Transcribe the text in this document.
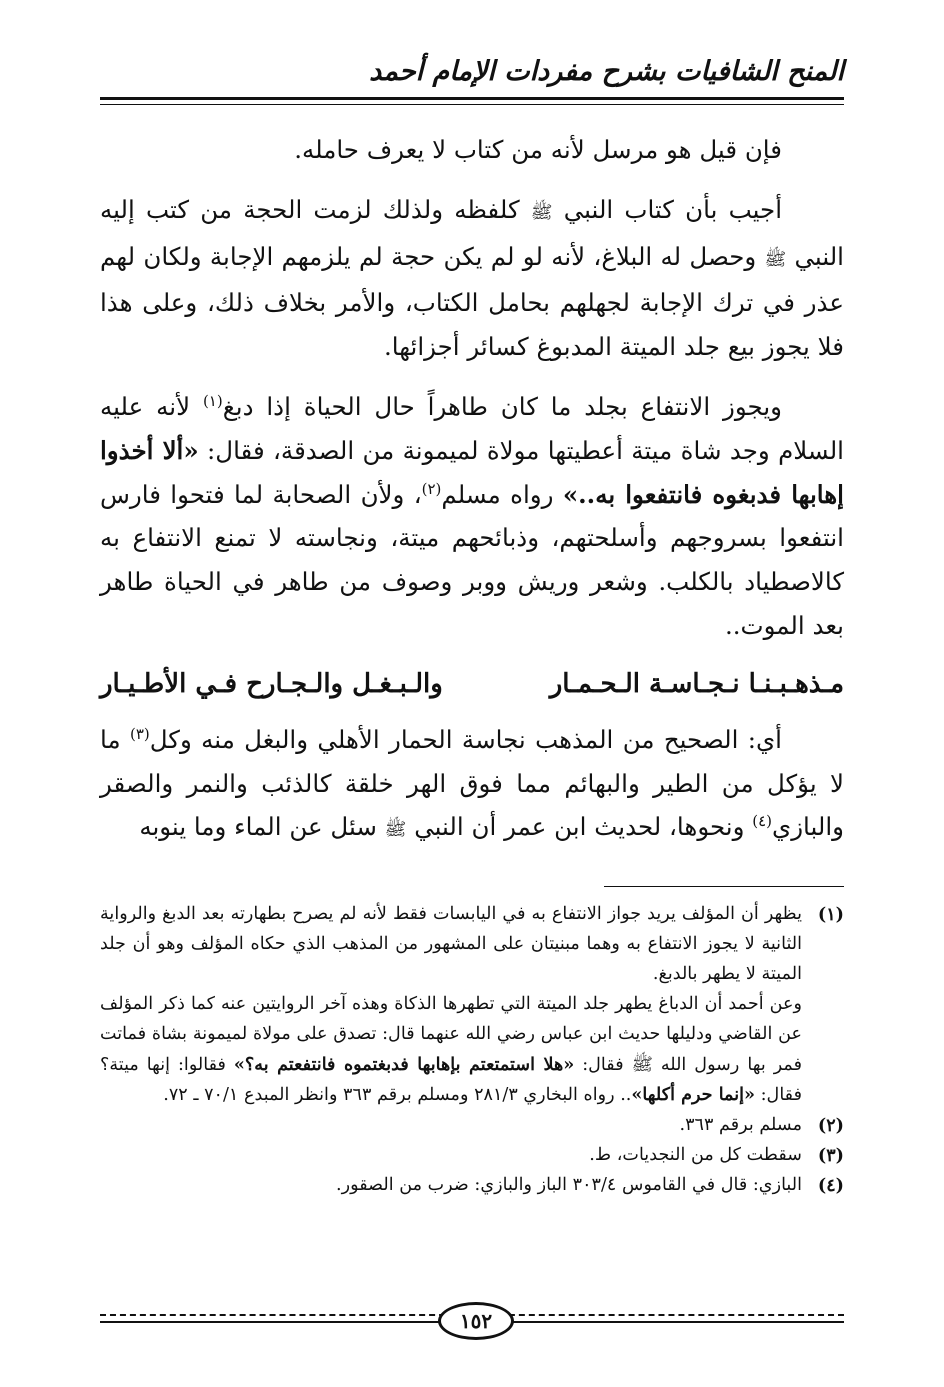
المنح الشافيات بشرح مفردات الإمام أحمد

فإن قيل هو مرسل لأنه من كتاب لا يعرف حامله.

أجيب بأن كتاب النبي ﷺ كلفظه ولذلك لزمت الحجة من كتب إليه النبي ﷺ وحصل له البلاغ، لأنه لو لم يكن حجة لم يلزمهم الإجابة ولكان لهم عذر في ترك الإجابة لجهلهم بحامل الكتاب، والأمر بخلاف ذلك، وعلى هذا فلا يجوز بيع جلد الميتة المدبوغ كسائر أجزائها.

ويجوز الانتفاع بجلد ما كان طاهراً حال الحياة إذا دبغ$^{(١)}$ لأنه عليه السلام وجد شاة ميتة أعطيتها مولاة لميمونة من الصدقة، فقال: «ألا أخذوا إهابها فدبغوه فانتفعوا به..» رواه مسلم$^{(٢)}$، ولأن الصحابة لما فتحوا فارس انتفعوا بسروجهم وأسلحتهم، وذبائحهم ميتة، ونجاسته لا تمنع الانتفاع به كالاصطياد بالكلب. وشعر وريش ووبر وصوف من طاهر في الحياة طاهر بعد الموت..

مـذهـبـنـا نـجـاسـة الـحـمـار
والـبـغـل والـجـارح فـي الأطـيـار

أي: الصحيح من المذهب نجاسة الحمار الأهلي والبغل منه وكل$^{(٣)}$ ما لا يؤكل من الطير والبهائم مما فوق الهر خلقة كالذئب والنمر والصقر والبازي$^{(٤)}$ ونحوها، لحديث ابن عمر أن النبي ﷺ سئل عن الماء وما ينوبه

(١)
يظهر أن المؤلف يريد جواز الانتفاع به في اليابسات فقط لأنه لم يصرح بطهارته بعد الدبغ والرواية الثانية لا يجوز الانتفاع به وهما مبنيتان على المشهور من المذهب الذي حكاه المؤلف وهو أن جلد الميتة لا يطهر بالدبغ.

وعن أحمد أن الدباغ يطهر جلد الميتة التي تطهرها الذكاة وهذه آخر الروايتين عنه كما ذكر المؤلف عن القاضي ودليلها حديث ابن عباس رضي الله عنهما قال: تصدق على مولاة لميمونة بشاة فماتت فمر بها رسول الله ﷺ فقال: «هلا استمتعتم بإهابها فدبغتموه فانتفعتم به؟» فقالوا: إنها ميتة؟ فقال: «إنما حرم أكلها».. رواه البخاري ٢٨١/٣ ومسلم برقم ٣٦٣ وانظر المبدع ٧٠/١ ـ ٧٢.

(٢)
مسلم برقم ٣٦٣.
(٣)
سقطت كل من النجديات، ط.
(٤)
البازي: قال في القاموس ٣٠٣/٤ الباز والبازي: ضرب من الصقور.
١٥٢
